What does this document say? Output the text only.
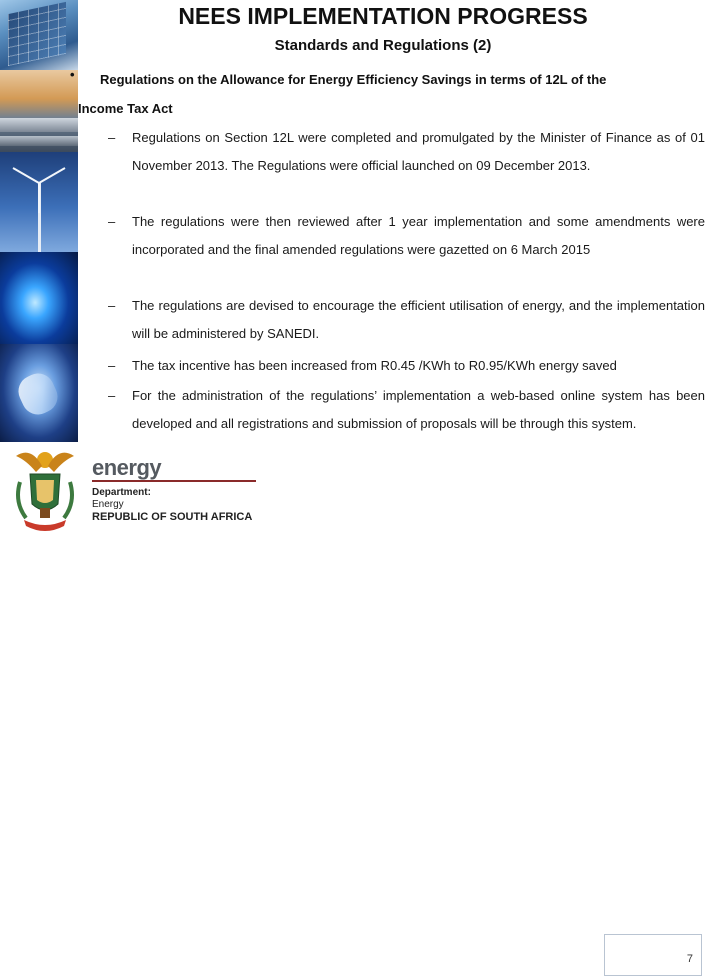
NEES IMPLEMENTATION PROGRESS
Standards and Regulations (2)
• Regulations on the Allowance for Energy Efficiency Savings in terms of 12L of the
Income Tax Act
–	Regulations on Section 12L were completed and promulgated by the Minister of Finance as of 01 November 2013. The Regulations were official launched on 09 December 2013.
–	The regulations were then reviewed after 1 year implementation and some amendments were incorporated and the final amended regulations were gazetted on 6 March 2015
–	The regulations are devised to encourage the efficient utilisation of energy, and the implementation will be administered by SANEDI.
–	The tax incentive has been increased from R0.45 /KWh to R0.95/KWh energy saved
–	For the administration of the regulations’ implementation a web-based online system has been developed and all registrations and submission of proposals will be through this system.
7
energy
Department:
Energy
REPUBLIC OF SOUTH AFRICA
